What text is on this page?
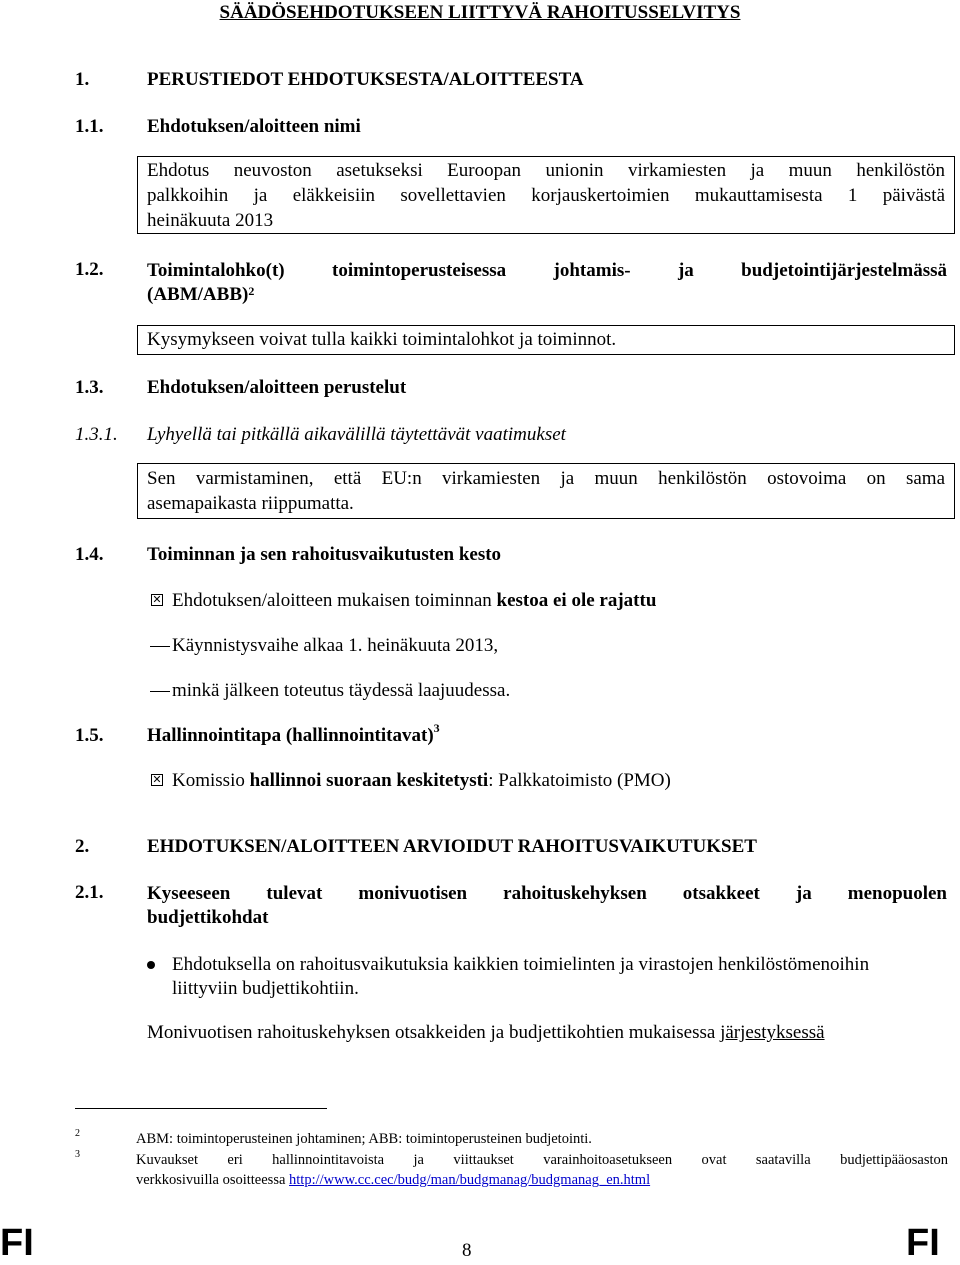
SÄÄDÖSEHDOTUKSEEN LIITTYVÄ RAHOITUSSELVITYS
1.	PERUSTIEDOT EHDOTUKSESTA/ALOITTEESTA
1.1. Ehdotuksen/aloitteen nimi
Ehdotus neuvoston asetukseksi Euroopan unionin virkamiesten ja muun henkilöstön
palkkoihin ja eläkkeisiin sovellettavien korjauskertoimien mukauttamisesta 1 päivästä
heinäkuuta 2013
1.2. Toimintalohko(t) toimintoperusteisessa johtamis- ja budjetointijärjestelmässä
$(ABM/ABB)^2$
Kysymykseen voivat tulla kaikki toimintalohkot ja toiminnot.
1.3. Ehdotuksen/aloitteen perustelut
1.3.1. Lyhyellä tai pitkällä aikavälillä täytettävät vaatimukset
Sen varmistaminen, että EU:n virkamiesten ja muun henkilöstön ostovoima on sama
asemapaikasta riippumatta.
1.4. Toiminnan ja sen rahoitusvaikutusten kesto
✕ Ehdotuksen/aloitteen mukaisen toiminnan kestoa ei ole rajattu
Käynnistysvaihe alkaa 1. heinäkuuta 2013,
minkä jälkeen toteutus täydessä laajuudessa.
1.5. Hallinnointitapa (hallinnointitavat)$^3$
✕ Komissio hallinnoi suoraan keskitetysti: Palkkatoimisto (PMO)
2.	EHDOTUKSEN/ALOITTEEN ARVIOIDUT RAHOITUSVAIKUTUKSET
2.1. Kyseeseen tulevat monivuotisen rahoituskehyksen otsakkeet ja menopuolen
budjettikohdat
Ehdotuksella on rahoitusvaikutuksia kaikkien toimielinten ja virastojen henkilöstömenoihin
liittyviin budjettikohtiin.
Monivuotisen rahoituskehyksen otsakkeiden ja budjettikohtien mukaisessa järjestyksessä
2	ABM: toimintoperusteinen johtaminen; ABB: toimintoperusteinen budjetointi.
3	Kuvaukset eri hallinnointitavoista ja viittaukset varainhoitoasetukseen ovat saatavilla budjettipääosaston
verkkosivuilla osoitteessa http://www.cc.cec/budg/man/budgmanag/budgmanag_en.html
FI	FI
8
